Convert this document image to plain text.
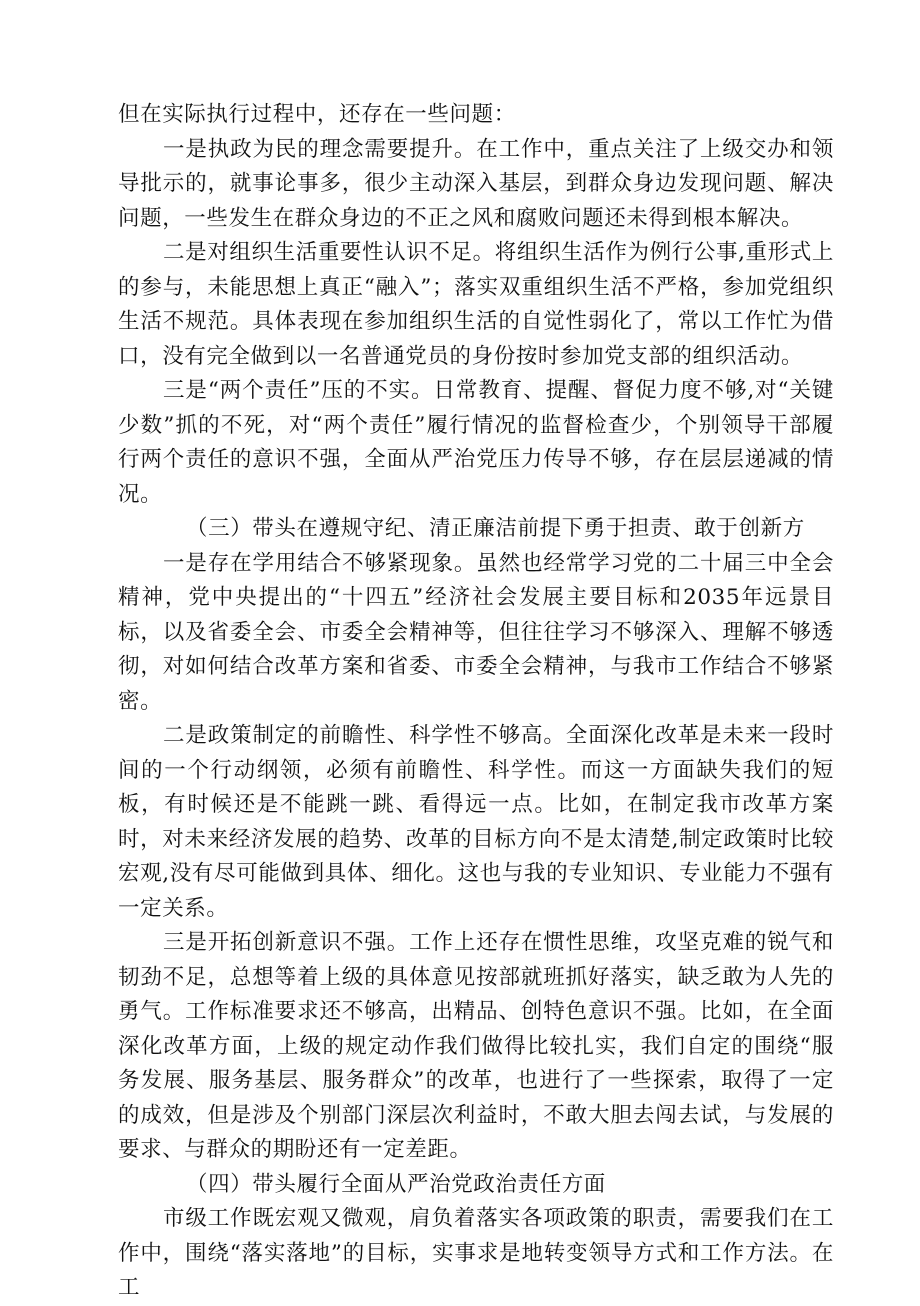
但在实际执行过程中，还存在一些问题：

一是执政为民的理念需要提升。在工作中，重点关注了上级交办和领导批示的，就事论事多，很少主动深入基层，到群众身边发现问题、解决问题，一些发生在群众身边的不正之风和腐败问题还未得到根本解决。

二是对组织生活重要性认识不足。将组织生活作为例行公事,重形式上的参与，未能思想上真正“融入”；落实双重组织生活不严格，参加党组织生活不规范。具体表现在参加组织生活的自觉性弱化了，常以工作忙为借口，没有完全做到以一名普通党员的身份按时参加党支部的组织活动。

三是“两个责任”压的不实。日常教育、提醒、督促力度不够,对“关键少数”抓的不死，对“两个责任”履行情况的监督检查少，个别领导干部履行两个责任的意识不强，全面从严治党压力传导不够，存在层层递减的情况。

（三）带头在遵规守纪、清正廉洁前提下勇于担责、敢于创新方

一是存在学用结合不够紧现象。虽然也经常学习党的二十届三中全会精神，党中央提出的“十四五”经济社会发展主要目标和2035年远景目标，以及省委全会、市委全会精神等，但往往学习不够深入、理解不够透彻，对如何结合改革方案和省委、市委全会精神，与我市工作结合不够紧密。

二是政策制定的前瞻性、科学性不够高。全面深化改革是未来一段时间的一个行动纲领，必须有前瞻性、科学性。而这一方面缺失我们的短板，有时候还是不能跳一跳、看得远一点。比如，在制定我市改革方案时，对未来经济发展的趋势、改革的目标方向不是太清楚,制定政策时比较宏观,没有尽可能做到具体、细化。这也与我的专业知识、专业能力不强有一定关系。

三是开拓创新意识不强。工作上还存在惯性思维，攻坚克难的锐气和韧劲不足，总想等着上级的具体意见按部就班抓好落实，缺乏敢为人先的勇气。工作标准要求还不够高，出精品、创特色意识不强。比如，在全面深化改革方面，上级的规定动作我们做得比较扎实，我们自定的围绕“服务发展、服务基层、服务群众”的改革，也进行了一些探索，取得了一定的成效，但是涉及个别部门深层次利益时，不敢大胆去闯去试，与发展的要求、与群众的期盼还有一定差距。

（四）带头履行全面从严治党政治责任方面

市级工作既宏观又微观，肩负着落实各项政策的职责，需要我们在工作中，围绕“落实落地”的目标，实事求是地转变领导方式和工作方法。在工
